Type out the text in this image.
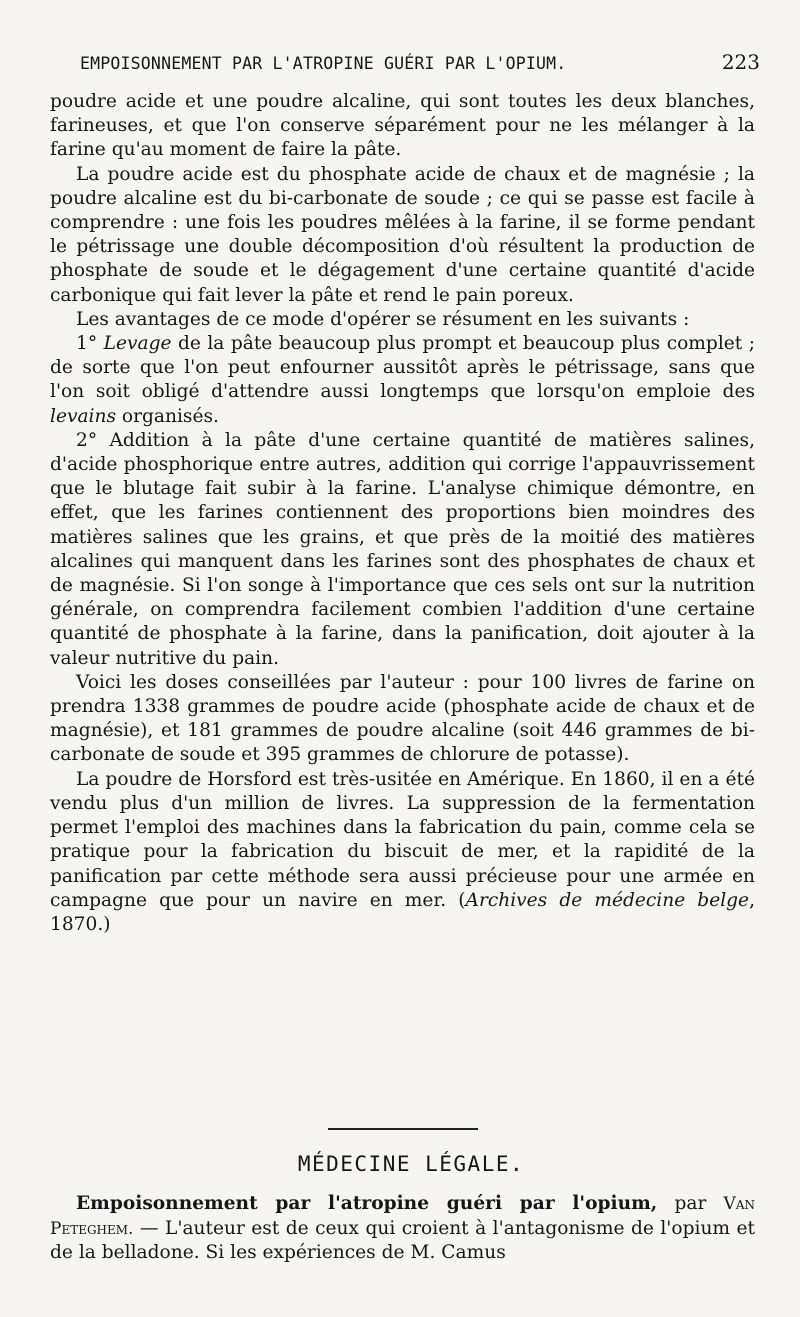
EMPOISONNEMENT PAR L'ATROPINE GUÉRI PAR L'OPIUM.	223

poudre acide et une poudre alcaline, qui sont toutes les deux blanches, farineuses, et que l'on conserve séparément pour ne les mélanger à la farine qu'au moment de faire la pâte.

La poudre acide est du phosphate acide de chaux et de magnésie ; la poudre alcaline est du bi-carbonate de soude ; ce qui se passe est facile à comprendre : une fois les poudres mêlées à la farine, il se forme pendant le pétrissage une double décomposition d'où résultent la production de phosphate de soude et le dégagement d'une certaine quantité d'acide carbonique qui fait lever la pâte et rend le pain poreux.

Les avantages de ce mode d'opérer se résument en les suivants :

1° Levage de la pâte beaucoup plus prompt et beaucoup plus complet ; de sorte que l'on peut enfourner aussitôt après le pétrissage, sans que l'on soit obligé d'attendre aussi longtemps que lorsqu'on emploie des levains organisés.

2° Addition à la pâte d'une certaine quantité de matières salines, d'acide phosphorique entre autres, addition qui corrige l'appauvrissement que le blutage fait subir à la farine. L'analyse chimique démontre, en effet, que les farines contiennent des proportions bien moindres des matières salines que les grains, et que près de la moitié des matières alcalines qui manquent dans les farines sont des phosphates de chaux et de magnésie. Si l'on songe à l'importance que ces sels ont sur la nutrition générale, on comprendra facilement combien l'addition d'une certaine quantité de phosphate à la farine, dans la panification, doit ajouter à la valeur nutritive du pain.

Voici les doses conseillées par l'auteur : pour 100 livres de farine on prendra 1338 grammes de poudre acide (phosphate acide de chaux et de magnésie), et 181 grammes de poudre alcaline (soit 446 grammes de bi-carbonate de soude et 395 grammes de chlorure de potasse).

La poudre de Horsford est très-usitée en Amérique. En 1860, il en a été vendu plus d'un million de livres. La suppression de la fermentation permet l'emploi des machines dans la fabrication du pain, comme cela se pratique pour la fabrication du biscuit de mer, et la rapidité de la panification par cette méthode sera aussi précieuse pour une armée en campagne que pour un navire en mer. (Archives de médecine belge, 1870.)

MÉDECINE LÉGALE.

Empoisonnement par l'atropine guéri par l'opium, par Van Peteghem. — L'auteur est de ceux qui croient à l'antagonisme de l'opium et de la belladone. Si les expériences de M. Camus
